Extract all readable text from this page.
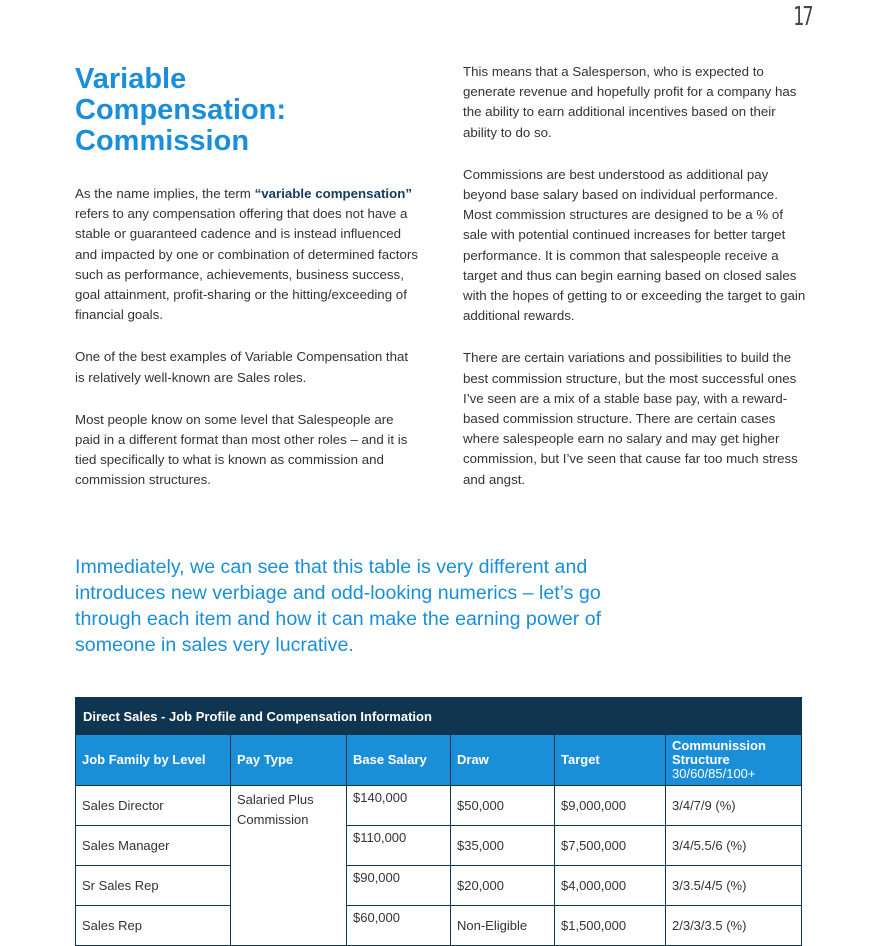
17
Variable Compensation: Commission

As the name implies, the term “variable compensation” refers to any compensation offering that does not have a stable or guaranteed cadence and is instead influenced and impacted by one or combination of determined factors such as performance, achievements, business success, goal attainment, profit-sharing or the hitting/exceeding of financial goals.

One of the best examples of Variable Compensation that is relatively well-known are Sales roles.

Most people know on some level that Salespeople are paid in a different format than most other roles – and it is tied specifically to what is known as commission and commission structures.

This means that a Salesperson, who is expected to generate revenue and hopefully profit for a company has the ability to earn additional incentives based on their ability to do so.

Commissions are best understood as additional pay beyond base salary based on individual performance. Most commission structures are designed to be a % of sale with potential continued increases for better target performance. It is common that salespeople receive a target and thus can begin earning based on closed sales with the hopes of getting to or exceeding the target to gain additional rewards.

There are certain variations and possibilities to build the best commission structure, but the most successful ones I’ve seen are a mix of a stable base pay, with a reward-based commission structure. There are certain cases where salespeople earn no salary and may get higher commission, but I’ve seen that cause far too much stress and angst.

Immediately, we can see that this table is very different and introduces new verbiage and odd-looking numerics – let’s go through each item and how it can make the earning power of someone in sales very lucrative.
Direct Sales - Job Profile and Compensation Information					
Job Family by Level	Pay Type	Base Salary	Draw	Target	Communission Structure
30/60/85/100+

Sales Director	Salaried Plus Commission	$140,000	$50,000	$9,000,000	3/4/7/9 (%)
Sales Manager		$110,000	$35,000	$7,500,000	3/4/5.5/6 (%)
Sr Sales Rep		$90,000	$20,000	$4,000,000	3/3.5/4/5 (%)
Sales Rep		$60,000	Non-Eligible	$1,500,000	2/3/3/3.5 (%)
